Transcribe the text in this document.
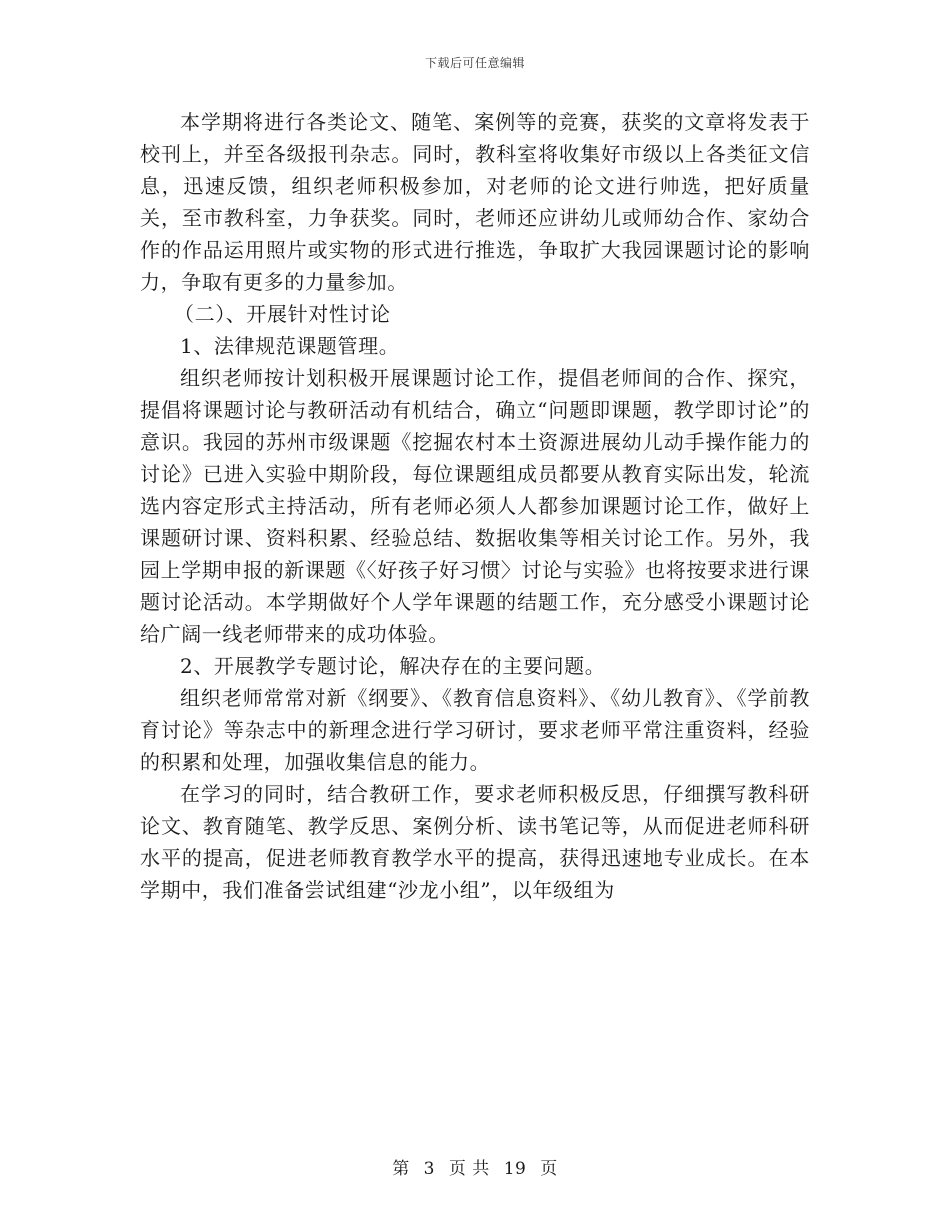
下载后可任意编辑

本学期将进行各类论文、随笔、案例等的竞赛，获奖的文章将发表于校刊上，并至各级报刊杂志。同时，教科室将收集好市级以上各类征文信息，迅速反馈，组织老师积极参加，对老师的论文进行帅选，把好质量关，至市教科室，力争获奖。同时，老师还应讲幼儿或师幼合作、家幼合作的作品运用照片或实物的形式进行推选，争取扩大我园课题讨论的影响力，争取有更多的力量参加。

（二）、开展针对性讨论

1、法律规范课题管理。

组织老师按计划积极开展课题讨论工作，提倡老师间的合作、探究，提倡将课题讨论与教研活动有机结合，确立“问题即课题，教学即讨论”的意识。我园的苏州市级课题《挖掘农村本土资源进展幼儿动手操作能力的讨论》已进入实验中期阶段，每位课题组成员都要从教育实际出发，轮流选内容定形式主持活动，所有老师必须人人都参加课题讨论工作，做好上课题研讨课、资料积累、经验总结、数据收集等相关讨论工作。另外，我园上学期申报的新课题《〈好孩子好习惯〉讨论与实验》也将按要求进行课题讨论活动。本学期做好个人学年课题的结题工作，充分感受小课题讨论给广阔一线老师带来的成功体验。

2、开展教学专题讨论，解决存在的主要问题。

组织老师常常对新《纲要》、《教育信息资料》、《幼儿教育》、《学前教育讨论》等杂志中的新理念进行学习研讨，要求老师平常注重资料，经验的积累和处理，加强收集信息的能力。

在学习的同时，结合教研工作，要求老师积极反思，仔细撰写教科研论文、教育随笔、教学反思、案例分析、读书笔记等，从而促进老师科研水平的提高，促进老师教育教学水平的提高，获得迅速地专业成长。在本学期中，我们准备尝试组建“沙龙小组”，以年级组为

第 3 页 共 19 页
